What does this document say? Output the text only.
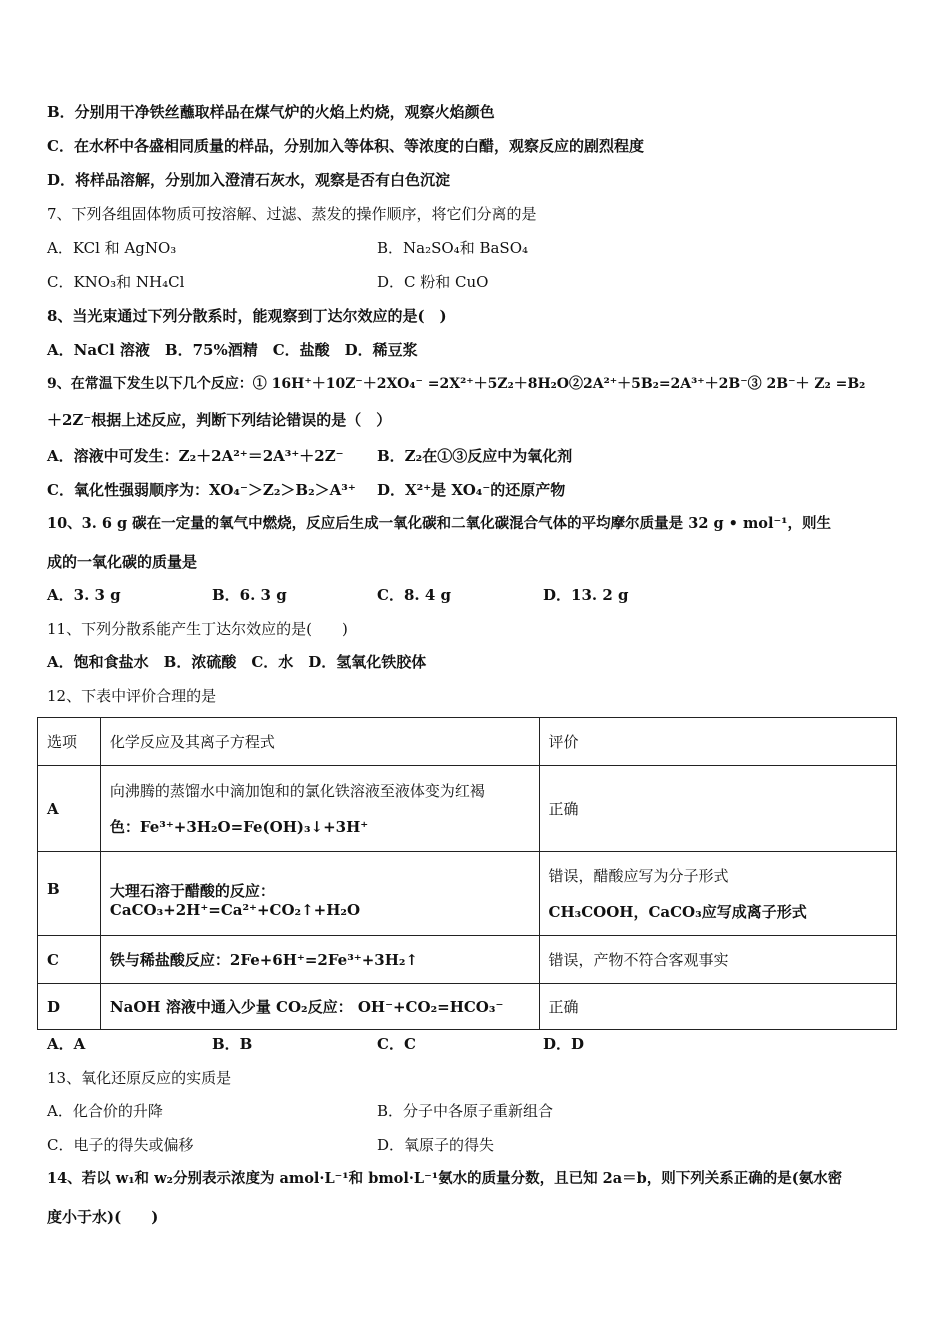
B．分别用干净铁丝蘸取样品在煤气炉的火焰上灼烧，观察火焰颜色
C．在水杯中各盛相同质量的样品，分别加入等体积、等浓度的白醋，观察反应的剧烈程度
D．将样品溶解，分别加入澄清石灰水，观察是否有白色沉淀
7、下列各组固体物质可按溶解、过滤、蒸发的操作顺序，将它们分离的是
A．KCl 和 AgNO₃	B．Na₂SO₄和 BaSO₄
C．KNO₃和 NH₄Cl	D．C 粉和 CuO
8、当光束通过下列分散系时，能观察到丁达尔效应的是(　)
A．NaCl 溶液　B．75%酒精　C．盐酸　D．稀豆浆
9、在常温下发生以下几个反应：① 16H⁺＋10Z⁻＋2XO₄⁻ =2X²⁺＋5Z₂＋8H₂O②2A²⁺＋5B₂=2A³⁺＋2B⁻③ 2B⁻＋ Z₂ =B₂
＋2Z⁻根据上述反应，判断下列结论错误的是（　）
A．溶液中可发生：Z₂＋2A²⁺＝2A³⁺＋2Z⁻ B．Z₂在①③反应中为氧化剂
C．氧化性强弱顺序为：XO₄⁻＞Z₂＞B₂＞A³⁺ D．X²⁺是 XO₄⁻的还原产物
10、3. 6 g 碳在一定量的氧气中燃烧，反应后生成一氧化碳和二氧化碳混合气体的平均摩尔质量是 32 g • mol⁻¹，则生
成的一氧化碳的质量是
A．3. 3 g	B．6. 3 g	C．8. 4 g	D．13. 2 g
11、下列分散系能产生丁达尔效应的是(　　)
A．饱和食盐水　B．浓硫酸　C．水　D．氢氧化铁胶体
12、下表中评价合理的是
选项	化学反应及其离子方程式	评价
A	向沸腾的蒸馏水中滴加饱和的氯化铁溶液至液体变为红褐
色：Fe³⁺+3H₂O=Fe(OH)₃↓+3H⁺	正确
B	大理石溶于醋酸的反应： CaCO₃+2H⁺=Ca²⁺+CO₂↑+H₂O	错误，醋酸应写为分子形式
CH₃COOH，CaCO₃应写成离子形式

C	铁与稀盐酸反应：2Fe+6H⁺=2Fe³⁺+3H₂↑	错误，产物不符合客观事实
D	NaOH 溶液中通入少量 CO₂反应： OH⁻+CO₂=HCO₃⁻	正确
A．A	B．B	C．C	D．D
13、氧化还原反应的实质是
A．化合价的升降	B．分子中各原子重新组合
C．电子的得失或偏移	D．氧原子的得失
14、若以 w₁和 w₂分别表示浓度为 amol·L⁻¹和 bmol·L⁻¹氨水的质量分数，且已知 2a＝b，则下列关系正确的是(氨水密
度小于水)(　　)
